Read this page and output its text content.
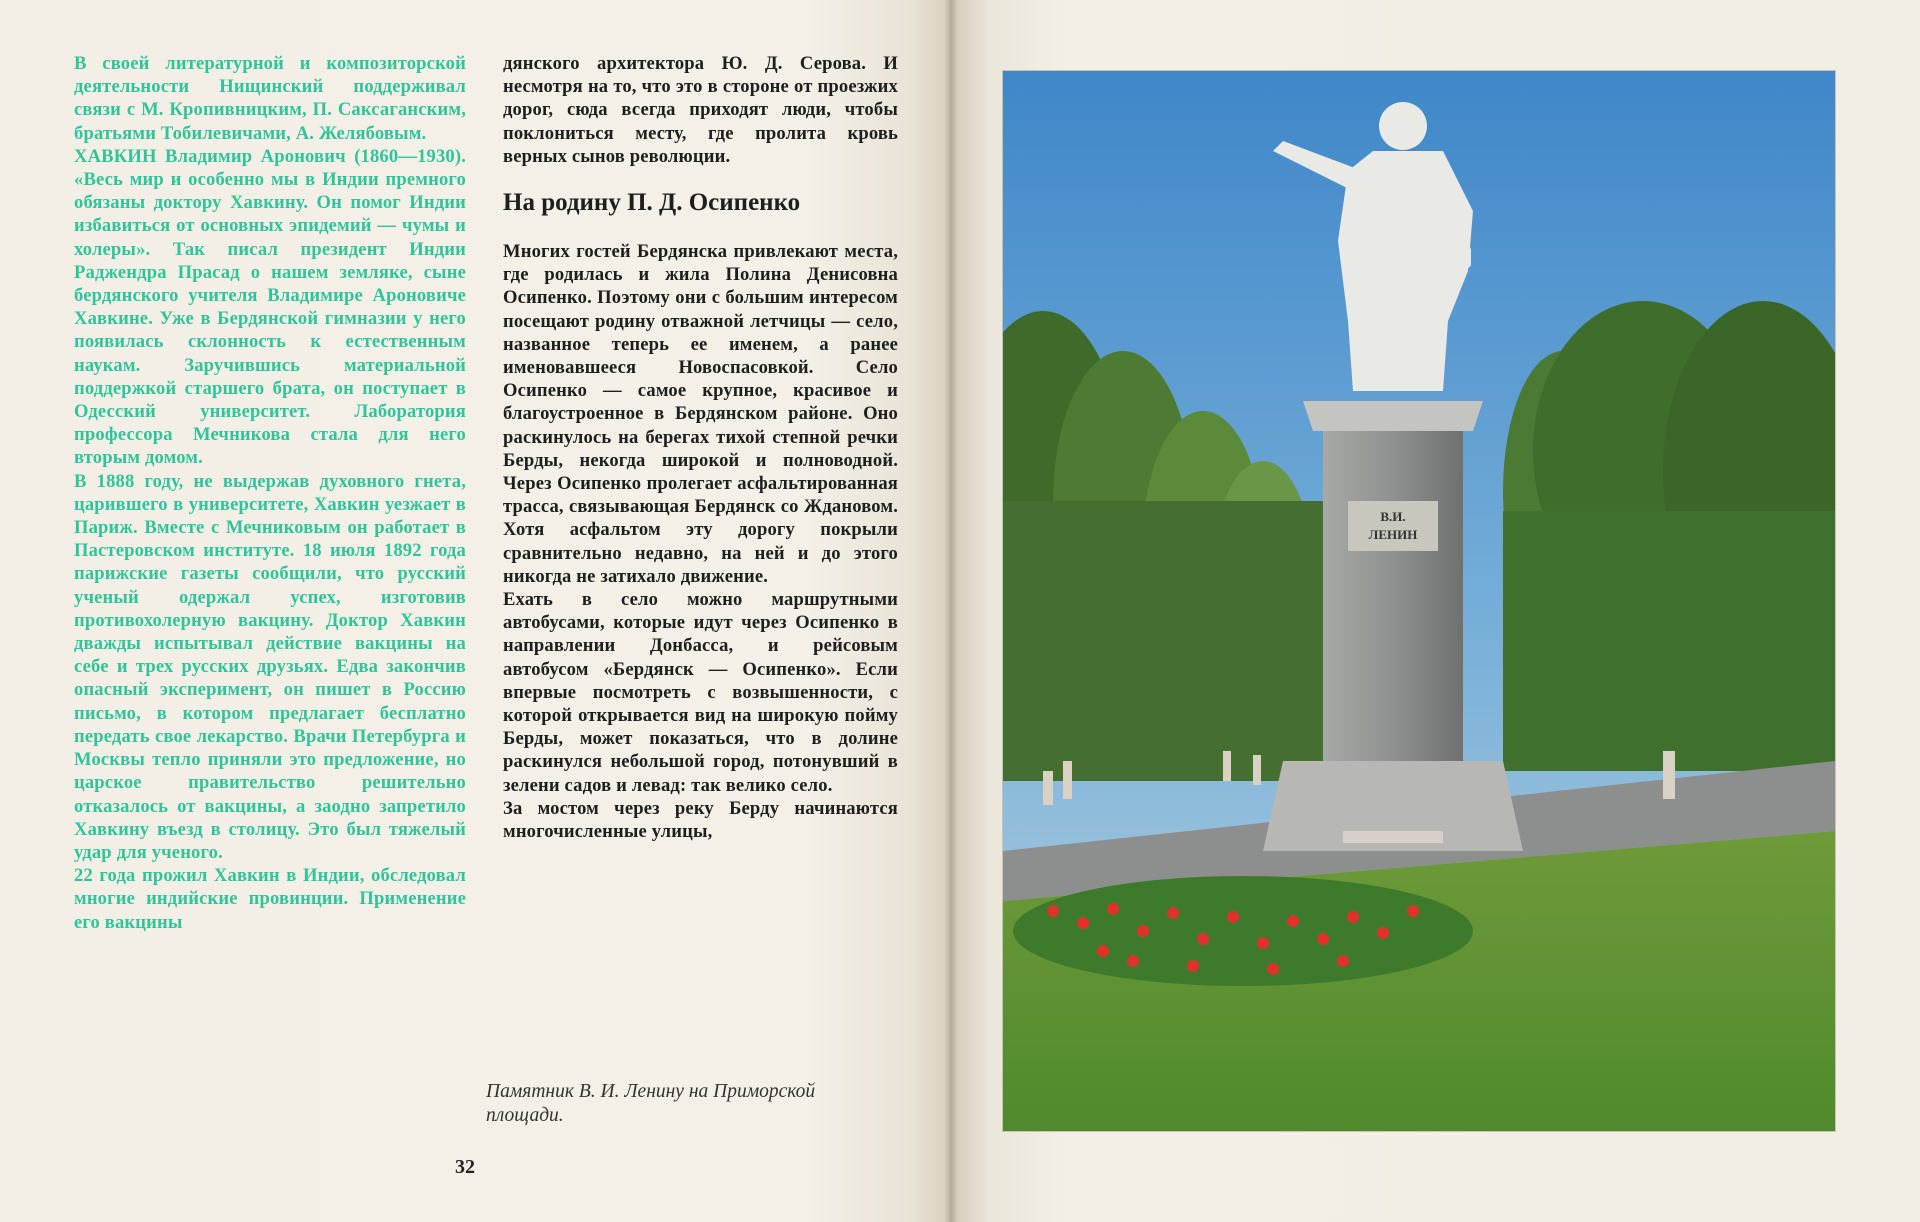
В своей литературной и композиторской деятельности Нищинский поддерживал связи с М. Кропивницким, П. Саксаганским, братьями Тобилевичами, А. Желябовым.

ХАВКИН Владимир Аронович (1860—1930). «Весь мир и особенно мы в Индии премного обязаны доктору Хавкину. Он помог Индии избавиться от основных эпидемий — чумы и холеры». Так писал президент Индии Раджендра Прасад о нашем земляке, сыне бердянского учителя Владимире Ароновиче Хавкине. Уже в Бердянской гимназии у него появилась склонность к естественным наукам. Заручившись материальной поддержкой старшего брата, он поступает в Одесский университет. Лаборатория профессора Мечникова стала для него вторым домом.

В 1888 году, не выдержав духовного гнета, царившего в университете, Хавкин уезжает в Париж. Вместе с Мечниковым он работает в Пастеровском институте. 18 июля 1892 года парижские газеты сообщили, что русский ученый одержал успех, изготовив противохолерную вакцину. Доктор Хавкин дважды испытывал действие вакцины на себе и трех русских друзьях. Едва закончив опасный эксперимент, он пишет в Россию письмо, в котором предлагает бесплатно передать свое лекарство. Врачи Петербурга и Москвы тепло приняли это предложение, но царское правительство решительно отказалось от вакцины, а заодно запретило Хавкину въезд в столицу. Это был тяжелый удар для ученого.

22 года прожил Хавкин в Индии, обследовал многие индийские провинции. Применение его вакцины

дянского архитектора Ю. Д. Серова. И несмотря на то, что это в стороне от проезжих дорог, сюда всегда приходят люди, чтобы поклониться месту, где пролита кровь верных сынов революции.

На родину П. Д. Осипенко

Многих гостей Бердянска привлекают места, где родилась и жила Полина Денисовна Осипенко. Поэтому они с большим интересом посещают родину отважной летчицы — село, названное теперь ее именем, а ранее именовавшееся Новоспасовкой. Село Осипенко — самое крупное, красивое и благоустроенное в Бердянском районе. Оно раскинулось на берегах тихой степной речки Берды, некогда широкой и полноводной. Через Осипенко пролегает асфальтированная трасса, связывающая Бердянск со Ждановом. Хотя асфальтом эту дорогу покрыли сравнительно недавно, на ней и до этого никогда не затихало движение.

Ехать в село можно маршрутными автобусами, которые идут через Осипенко в направлении Донбасса, и рейсовым автобусом «Бердянск — Осипенко». Если впервые посмотреть с возвышенности, с которой открывается вид на широкую пойму Берды, может показаться, что в долине раскинулся небольшой город, потонувший в зелени садов и левад: так велико село.

За мостом через реку Берду начинаются многочисленные улицы,

Памятник В. И. Ленину на Приморской площади.
32
В.И.
ЛЕНИН
